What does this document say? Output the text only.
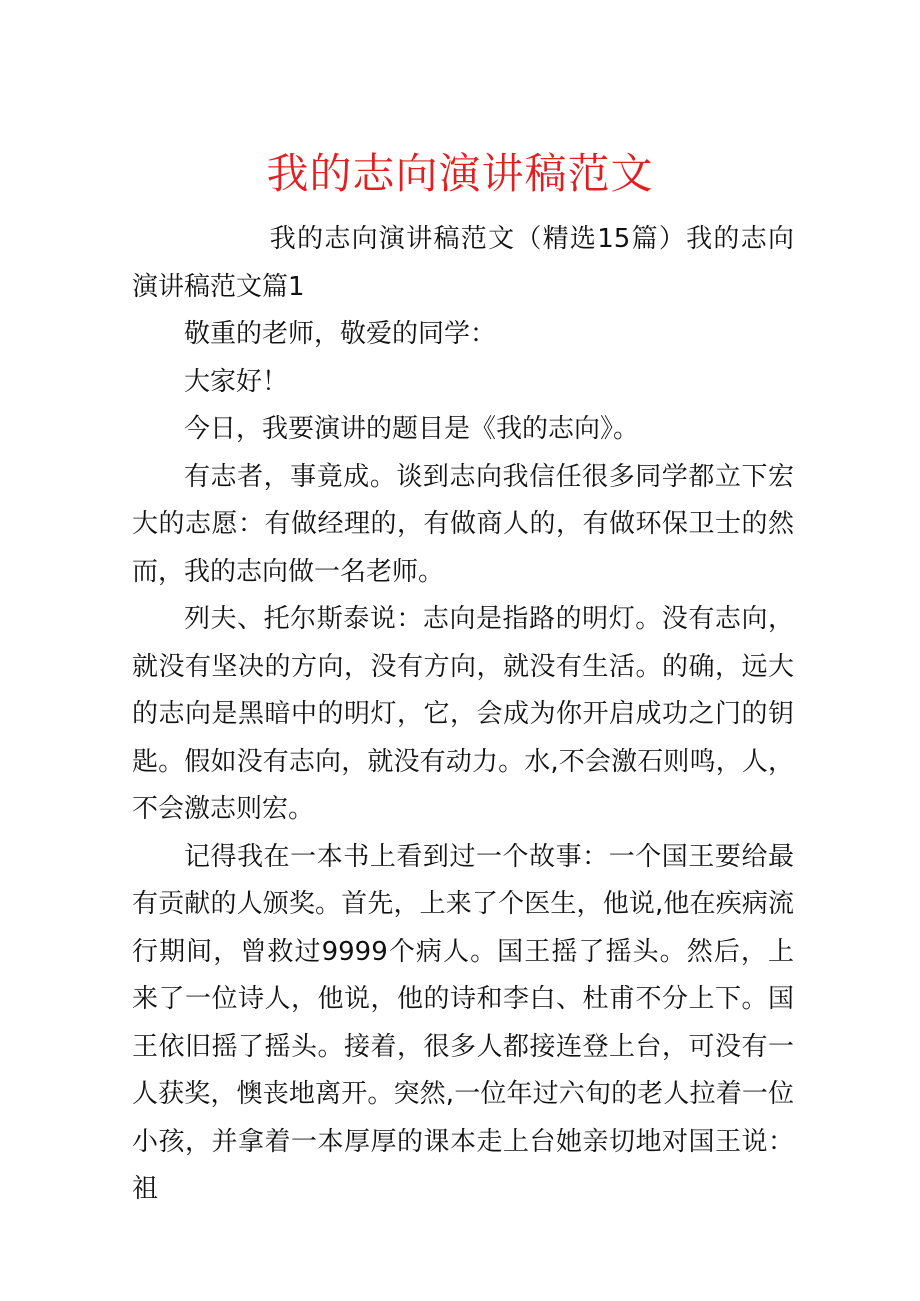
我的志向演讲稿范文

我的志向演讲稿范文（精选15篇）我的志向演讲稿范文篇1

敬重的老师，敬爱的同学：

大家好！

今日，我要演讲的题目是《我的志向》。

有志者，事竟成。谈到志向我信任很多同学都立下宏大的志愿：有做经理的，有做商人的，有做环保卫士的然而，我的志向做一名老师。

列夫、托尔斯泰说：志向是指路的明灯。没有志向，就没有坚决的方向，没有方向，就没有生活。的确，远大的志向是黑暗中的明灯，它，会成为你开启成功之门的钥匙。假如没有志向，就没有动力。水,不会激石则鸣，人，不会激志则宏。

记得我在一本书上看到过一个故事：一个国王要给最有贡献的人颁奖。首先，上来了个医生，他说,他在疾病流行期间，曾救过9999个病人。国王摇了摇头。然后，上来了一位诗人，他说，他的诗和李白、杜甫不分上下。国王依旧摇了摇头。接着，很多人都接连登上台，可没有一人获奖，懊丧地离开。突然,一位年过六旬的老人拉着一位小孩，并拿着一本厚厚的课本走上台她亲切地对国王说：祖
